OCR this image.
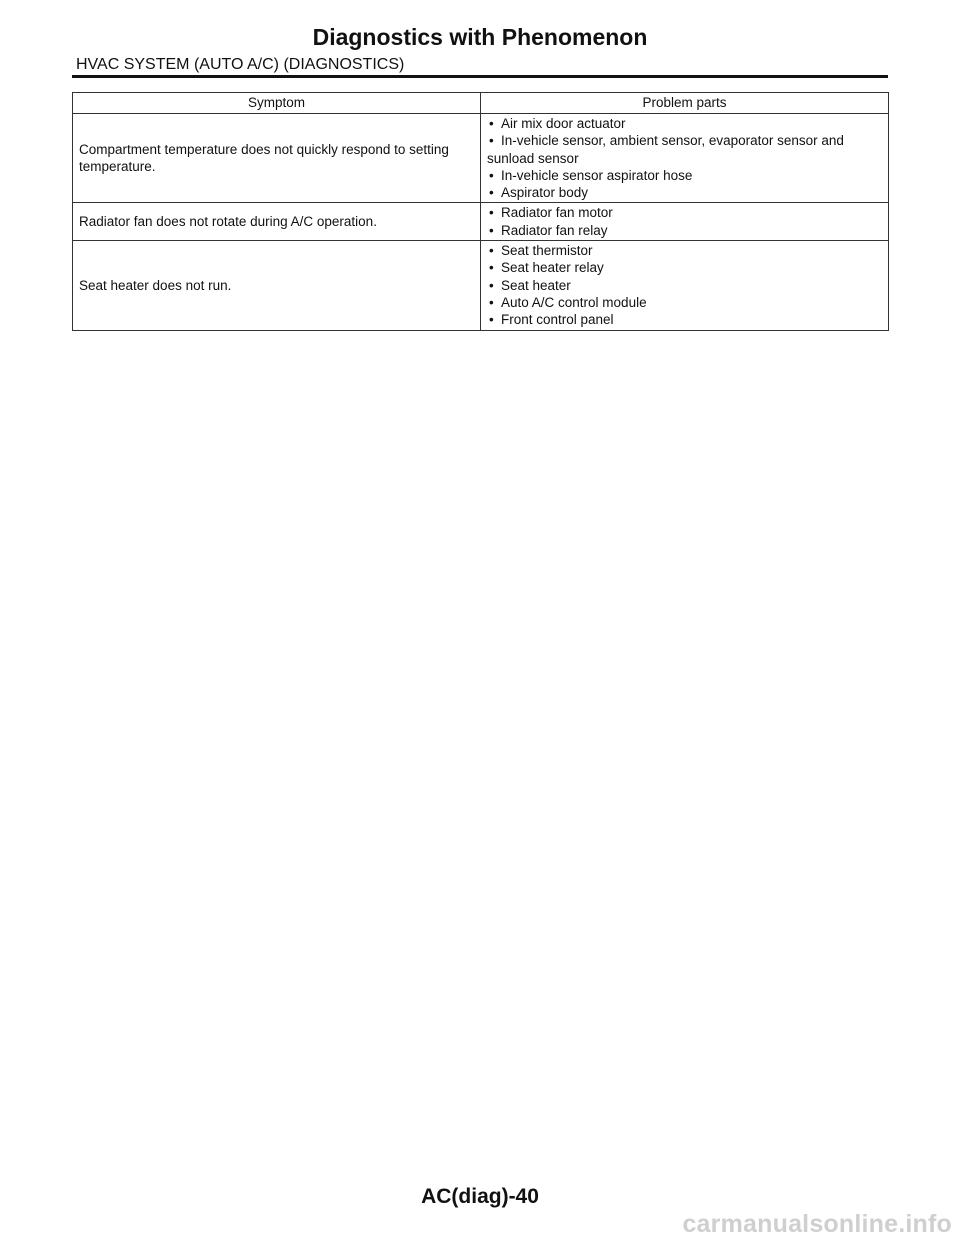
Diagnostics with Phenomenon
HVAC SYSTEM (AUTO A/C) (DIAGNOSTICS)
Symptom	Problem parts
Compartment temperature does not quickly respond to setting temperature.	• Air mix door actuator
• In-vehicle sensor, ambient sensor, evaporator sensor and sunload sensor
• In-vehicle sensor aspirator hose
• Aspirator body

Radiator fan does not rotate during A/C operation.	• Radiator fan motor
• Radiator fan relay

Seat heater does not run.	• Seat thermistor
• Seat heater relay
• Seat heater
• Auto A/C control module
• Front control panel
AC(diag)-40
carmanualsonline.info
